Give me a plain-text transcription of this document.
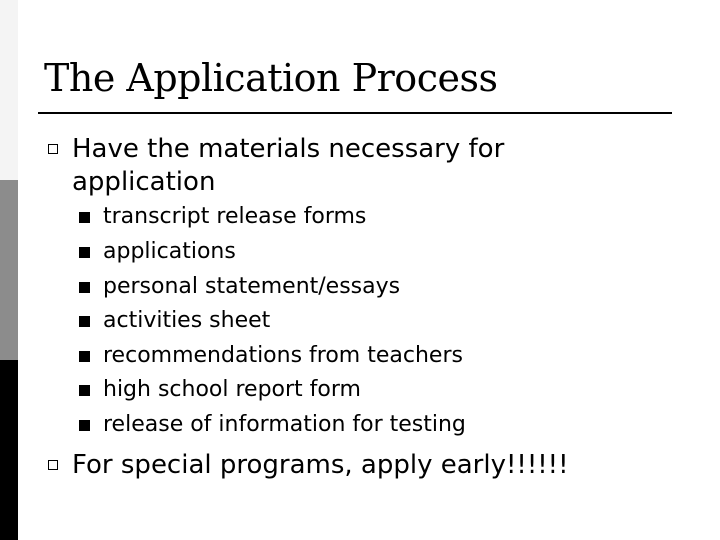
The Application Process
Have the materials necessary for
application
transcript release forms
applications
personal statement/essays
activities sheet
recommendations from teachers
high school report form
release of information for testing
For special programs, apply early!!!!!!
